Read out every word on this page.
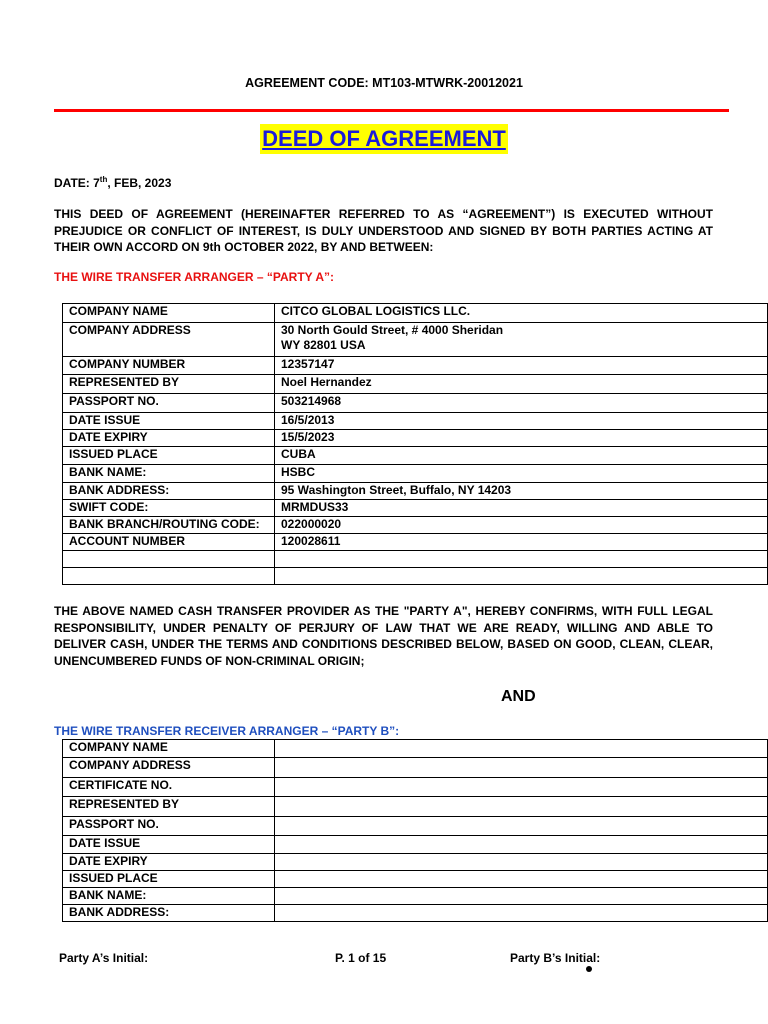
AGREEMENT CODE: MT103-MTWRK-20012021
DEED OF AGREEMENT
DATE: 7th, FEB, 2023
THIS DEED OF AGREEMENT (HEREINAFTER REFERRED TO AS “AGREEMENT”) IS EXECUTED WITHOUT PREJUDICE OR CONFLICT OF INTEREST, IS DULY UNDERSTOOD AND SIGNED BY BOTH PARTIES ACTING AT THEIR OWN ACCORD ON 9th OCTOBER 2022, BY AND BETWEEN:
THE WIRE TRANSFER ARRANGER – “PARTY A”:
COMPANY NAME	CITCO GLOBAL LOGISTICS LLC.

COMPANY ADDRESS	30 North Gould Street, # 4000 Sheridan
WY 82801 USA

COMPANY NUMBER	12357147

REPRESENTED BY	Noel Hernandez

PASSPORT NO.	503214968

DATE ISSUE	16/5/2013

DATE EXPIRY	15/5/2023

ISSUED PLACE	CUBA

BANK NAME:	HSBC

BANK ADDRESS:	95 Washington Street, Buffalo, NY 14203

SWIFT CODE:	MRMDUS33

BANK BRANCH/ROUTING CODE:	022000020

ACCOUNT NUMBER	120028611

THE ABOVE NAMED CASH TRANSFER PROVIDER AS THE "PARTY A", HEREBY CONFIRMS, WITH FULL LEGAL RESPONSIBILITY, UNDER PENALTY OF PERJURY OF LAW THAT WE ARE READY, WILLING AND ABLE TO DELIVER CASH, UNDER THE TERMS AND CONDITIONS DESCRIBED BELOW, BASED ON GOOD, CLEAN, CLEAR, UNENCUMBERED FUNDS OF NON-CRIMINAL ORIGIN;
AND
THE WIRE TRANSFER RECEIVER ARRANGER – “PARTY B”:
COMPANY NAME	
COMPANY ADDRESS	
CERTIFICATE NO.	
REPRESENTED BY	
PASSPORT NO.	
DATE ISSUE	
DATE EXPIRY	
ISSUED PLACE	
BANK NAME:	
BANK ADDRESS:	
Party A’s Initial:	P. 1 of 15	Party B’s Initial:
